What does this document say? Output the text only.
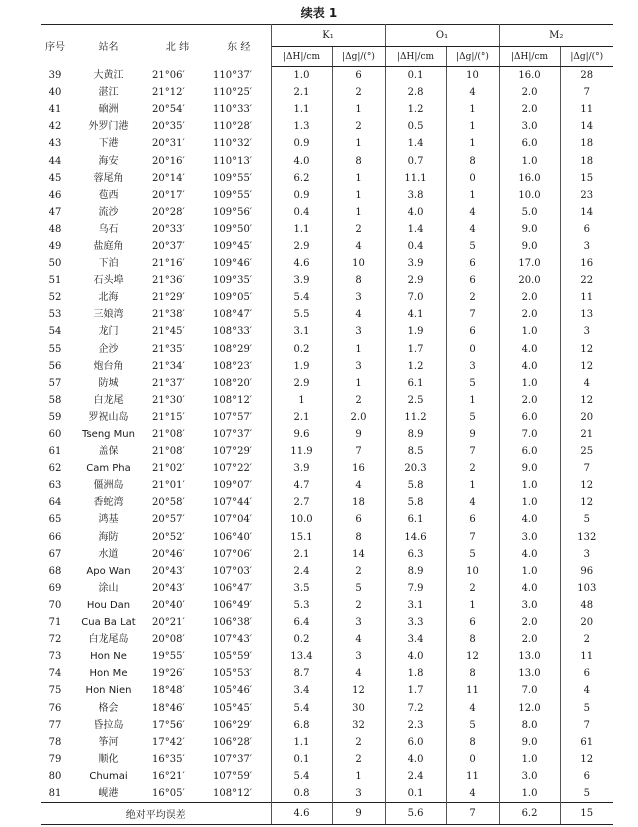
续表 1
序号	站名	北 纬	东 经	K₁		O₁		M₂	
				|ΔH|/cm	|Δg|/(°)	|ΔH|/cm	|Δg|/(°)	|ΔH|/cm	|Δg|/(°)
39	大黄江	21°06′	110°37′	1.0	6	0.1	10	16.0	28
40	湛江	21°12′	110°25′	2.1	2	2.8	4	2.0	7
41	硇洲	20°54′	110°33′	1.1	1	1.2	1	2.0	11
42	外罗门港	20°35′	110°28′	1.3	2	0.5	1	3.0	14
43	下港	20°31′	110°32′	0.9	1	1.4	1	6.0	18
44	海安	20°16′	110°13′	4.0	8	0.7	8	1.0	18
45	蓉尾角	20°14′	109°55′	6.2	1	11.1	0	16.0	15
46	苞西	20°17′	109°55′	0.9	1	3.8	1	10.0	23
47	流沙	20°28′	109°56′	0.4	1	4.0	4	5.0	14
48	乌石	20°33′	109°50′	1.1	2	1.4	4	9.0	6
49	盐庭角	20°37′	109°45′	2.9	4	0.4	5	9.0	3
50	下泊	21°16′	109°46′	4.6	10	3.9	6	17.0	16
51	石头埠	21°36′	109°35′	3.9	8	2.9	6	20.0	22
52	北海	21°29′	109°05′	5.4	3	7.0	2	2.0	11
53	三娘湾	21°38′	108°47′	5.5	4	4.1	7	2.0	13
54	龙门	21°45′	108°33′	3.1	3	1.9	6	1.0	3
55	企沙	21°35′	108°29′	0.2	1	1.7	0	4.0	12
56	炮台角	21°34′	108°23′	1.9	3	1.2	3	4.0	12
57	防城	21°37′	108°20′	2.9	1	6.1	5	1.0	4
58	白龙尾	21°30′	108°12′	1	2	2.5	1	2.0	12
59	罗祝山岛	21°15′	107°57′	2.1	2.0	11.2	5	6.0	20
60	Tseng Mun	21°08′	107°37′	9.6	9	8.9	9	7.0	21
61	盖保	21°08′	107°29′	11.9	7	8.5	7	6.0	25
62	Cam Pha	21°02′	107°22′	3.9	16	20.3	2	9.0	7
63	僵洲岛	21°01′	109°07′	4.7	4	5.8	1	1.0	12
64	香蛇湾	20°58′	107°44′	2.7	18	5.8	4	1.0	12
65	鸿基	20°57′	107°04′	10.0	6	6.1	6	4.0	5
66	海防	20°52′	106°40′	15.1	8	14.6	7	3.0	132
67	水道	20°46′	107°06′	2.1	14	6.3	5	4.0	3
68	Apo Wan	20°43′	107°03′	2.4	2	8.9	10	1.0	96
69	涂山	20°43′	106°47′	3.5	5	7.9	2	4.0	103
70	Hou Dan	20°40′	106°49′	5.3	2	3.1	1	3.0	48
71	Cua Ba Lat	20°21′	106°38′	6.4	3	3.3	6	2.0	20
72	白龙尾岛	20°08′	107°43′	0.2	4	3.4	8	2.0	2
73	Hon Ne	19°55′	105°59′	13.4	3	4.0	12	13.0	11
74	Hon Me	19°26′	105°53′	8.7	4	1.8	8	13.0	6
75	Hon Nien	18°48′	105°46′	3.4	12	1.7	11	7.0	4
76	格会	18°46′	105°45′	5.4	30	7.2	4	12.0	5
77	昏拉岛	17°56′	106°29′	6.8	32	2.3	5	8.0	7
78	筝河	17°42′	106°28′	1.1	2	6.0	8	9.0	61
79	顺化	16°35′	107°37′	0.1	2	4.0	0	1.0	12
80	Chumai	16°21′	107°59′	5.4	1	2.4	11	3.0	6
81	岘港	16°05′	108°12′	0.8	3	0.1	4	1.0	5
绝对平均误差				4.6	9	5.6	7	6.2	15
